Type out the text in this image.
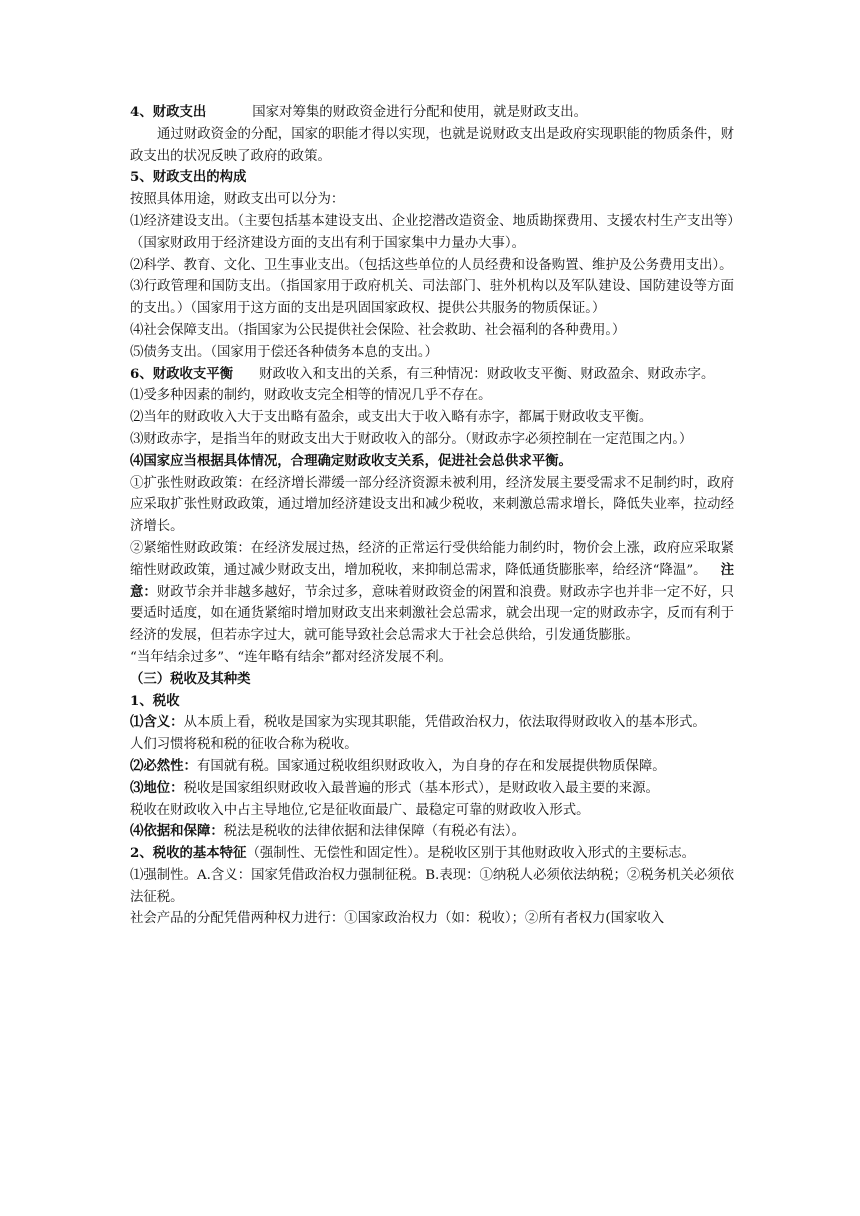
4、财政支出	国家对筹集的财政资金进行分配和使用，就是财政支出。

通过财政资金的分配，国家的职能才得以实现，也就是说财政支出是政府实现职能的物质条件，财政支出的状况反映了政府的政策。

5、财政支出的构成

按照具体用途，财政支出可以分为：

⑴经济建设支出。（主要包括基本建设支出、企业挖潜改造资金、地质勘探费用、支援农村生产支出等）（国家财政用于经济建设方面的支出有利于国家集中力量办大事）。

⑵科学、教育、文化、卫生事业支出。（包括这些单位的人员经费和设备购置、维护及公务费用支出）。

⑶行政管理和国防支出。（指国家用于政府机关、司法部门、驻外机构以及军队建设、国防建设等方面的支出。）（国家用于这方面的支出是巩固国家政权、提供公共服务的物质保证。）

⑷社会保障支出。（指国家为公民提供社会保险、社会救助、社会福利的各种费用。）

⑸债务支出。（国家用于偿还各种债务本息的支出。）

6、财政收支平衡 财政收入和支出的关系，有三种情况：财政收支平衡、财政盈余、财政赤字。

⑴受多种因素的制约，财政收支完全相等的情况几乎不存在。

⑵当年的财政收入大于支出略有盈余，或支出大于收入略有赤字，都属于财政收支平衡。

⑶财政赤字，是指当年的财政支出大于财政收入的部分。（财政赤字必须控制在一定范围之内。）

⑷国家应当根据具体情况，合理确定财政收支关系，促进社会总供求平衡。

①扩张性财政政策：在经济增长滞缓一部分经济资源未被利用，经济发展主要受需求不足制约时，政府应采取扩张性财政政策，通过增加经济建设支出和减少税收，来刺激总需求增长，降低失业率，拉动经济增长。

②紧缩性财政政策：在经济发展过热，经济的正常运行受供给能力制约时，物价会上涨，政府应采取紧缩性财政政策，通过减少财政支出，增加税收，来抑制总需求，降低通货膨胀率，给经济“降温”。 注意：财政节余并非越多越好，节余过多，意味着财政资金的闲置和浪费。财政赤字也并非一定不好，只要适时适度，如在通货紧缩时增加财政支出来刺激社会总需求，就会出现一定的财政赤字，反而有利于经济的发展，但若赤字过大，就可能导致社会总需求大于社会总供给，引发通货膨胀。

“当年结余过多”、“连年略有结余”都对经济发展不利。

（三）税收及其种类

1、税收

⑴含义：从本质上看，税收是国家为实现其职能，凭借政治权力，依法取得财政收入的基本形式。

人们习惯将税和税的征收合称为税收。

⑵必然性：有国就有税。国家通过税收组织财政收入，为自身的存在和发展提供物质保障。

⑶地位：税收是国家组织财政收入最普遍的形式（基本形式），是财政收入最主要的来源。

税收在财政收入中占主导地位,它是征收面最广、最稳定可靠的财政收入形式。

⑷依据和保障：税法是税收的法律依据和法律保障（有税必有法）。

2、税收的基本特征（强制性、无偿性和固定性）。是税收区别于其他财政收入形式的主要标志。

⑴强制性。A.含义：国家凭借政治权力强制征税。B.表现：①纳税人必须依法纳税；②税务机关必须依法征税。

社会产品的分配凭借两种权力进行：①国家政治权力（如：税收）；②所有者权力(国家收入
